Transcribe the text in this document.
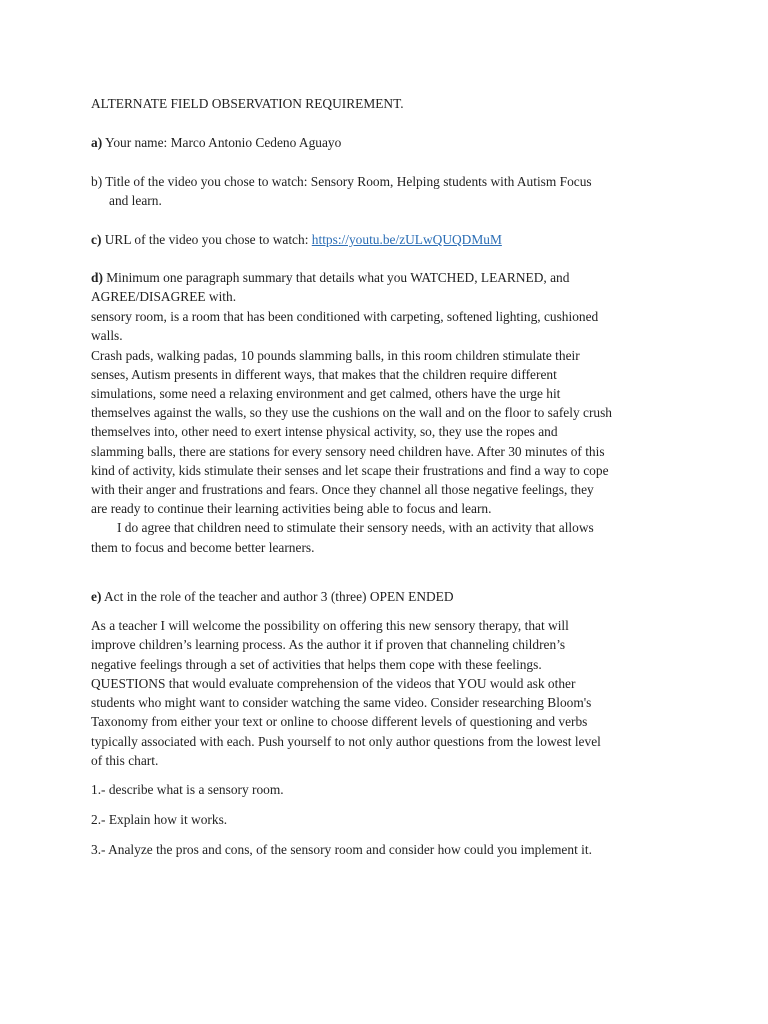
ALTERNATE FIELD OBSERVATION REQUIREMENT.
a) Your name: Marco Antonio Cedeno Aguayo
b) Title of the video you chose to watch: Sensory Room, Helping students with Autism Focus
and learn.
c) URL of the video you chose to watch: https://youtu.be/zULwQUQDMuM
d) Minimum one paragraph summary that details what you WATCHED, LEARNED, and
AGREE/DISAGREE with.
sensory room, is a room that has been conditioned with carpeting, softened lighting, cushioned
walls.
Crash pads, walking padas, 10 pounds slamming balls, in this room children stimulate their
senses, Autism presents in different ways, that makes that the children require different
simulations, some need a relaxing environment and get calmed, others have the urge hit
themselves against the walls, so they use the cushions on the wall and on the floor to safely crush
themselves into, other need to exert intense physical activity, so, they use the ropes and
slamming balls, there are stations for every sensory need children have. After 30 minutes of this
kind of activity, kids stimulate their senses and let scape their frustrations and find a way to cope
with their anger and frustrations and fears. Once they channel all those negative feelings, they
are ready to continue their learning activities being able to focus and learn.
I do agree that children need to stimulate their sensory needs, with an activity that allows
them to focus and become better learners.
e) Act in the role of the teacher and author 3 (three) OPEN ENDED
As a teacher I will welcome the possibility on offering this new sensory therapy, that will
improve children’s learning process. As the author it if proven that channeling children’s
negative feelings through a set of activities that helps them cope with these feelings.
QUESTIONS that would evaluate comprehension of the videos that YOU would ask other
students who might want to consider watching the same video. Consider researching Bloom's
Taxonomy from either your text or online to choose different levels of questioning and verbs
typically associated with each. Push yourself to not only author questions from the lowest level
of this chart.
1.- describe what is a sensory room.
2.- Explain how it works.
3.- Analyze the pros and cons, of the sensory room and consider how could you implement it.
